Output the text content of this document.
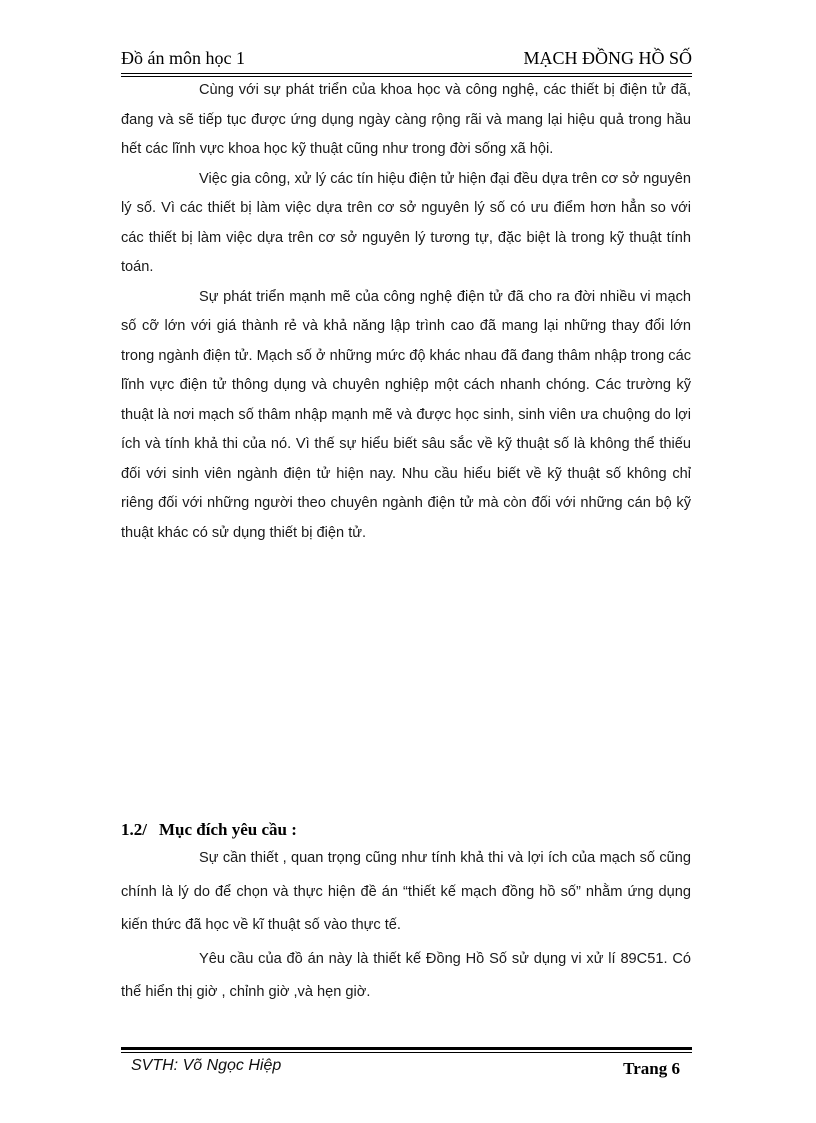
Đồ án môn học 1	MẠCH ĐỒNG HỒ SỐ

Cùng với sự phát triển của khoa học và công nghệ, các thiết bị điện tử đã, đang và sẽ tiếp tục được ứng dụng ngày càng rộng rãi và mang lại hiệu quả trong hầu hết các lĩnh vực khoa học kỹ thuật cũng như trong đời sống xã hội.

Việc gia công, xử lý các tín hiệu điện tử hiện đại đều dựa trên cơ sở nguyên lý số. Vì các thiết bị làm việc dựa trên cơ sở nguyên lý số có ưu điểm hơn hẳn so với các thiết bị làm việc dựa trên cơ sở nguyên lý tương tự, đặc biệt là trong kỹ thuật tính toán.

Sự phát triển mạnh mẽ của công nghệ điện tử đã cho ra đời nhiều vi mạch số cỡ lớn với giá thành rẻ và khả năng lập trình cao đã mang lại những thay đổi lớn trong ngành điện tử. Mạch số ở những mức độ khác nhau đã đang thâm nhập trong các lĩnh vực điện tử thông dụng và chuyên nghiệp một cách nhanh chóng. Các trường kỹ thuật là nơi mạch số thâm nhập mạnh mẽ và được học sinh, sinh viên ưa chuộng do lợi ích và tính khả thi của nó. Vì thế sự hiểu biết sâu sắc về kỹ thuật số là không thể thiếu đối với sinh viên ngành điện tử hiện nay. Nhu cầu hiểu biết về kỹ thuật số không chỉ riêng đối với những người theo chuyên ngành điện tử mà còn đối với những cán bộ kỹ thuật khác có sử dụng thiết bị điện tử.

1.2/ Mục đích yêu cầu :

Sự cần thiết , quan trọng cũng như tính khả thi và lợi ích của mạch số cũng chính là lý do để chọn và thực hiện đề án “thiết kế mạch đồng hồ số” nhằm ứng dụng kiến thức đã học về kĩ thuật số vào thực tế.

Yêu cầu của đồ án này là thiết kế Đồng Hồ Số sử dụng vi xử lí 89C51. Có thể hiển thị giờ , chỉnh giờ ,và hẹn giờ.

SVTH: Võ Ngọc Hiệp	Trang 6
